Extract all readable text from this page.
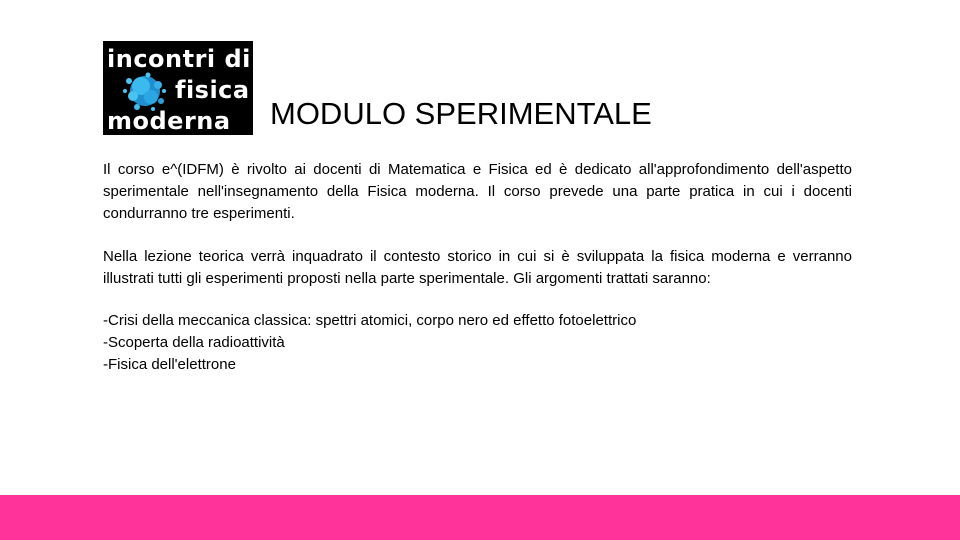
incontri di
fisica
moderna MODULO SPERIMENTALE

Il corso e^(IDFM) è rivolto ai docenti di Matematica e Fisica ed è dedicato all'approfondimento dell'aspetto sperimentale nell'insegnamento della Fisica moderna. Il corso prevede una parte pratica in cui i docenti condurranno tre esperimenti.

Nella lezione teorica verrà inquadrato il contesto storico in cui si è sviluppata la fisica moderna e verranno illustrati tutti gli esperimenti proposti nella parte sperimentale. Gli argomenti trattati saranno:

-Crisi della meccanica classica: spettri atomici, corpo nero ed effetto fotoelettrico
-Scoperta della radioattività
-Fisica dell'elettrone
